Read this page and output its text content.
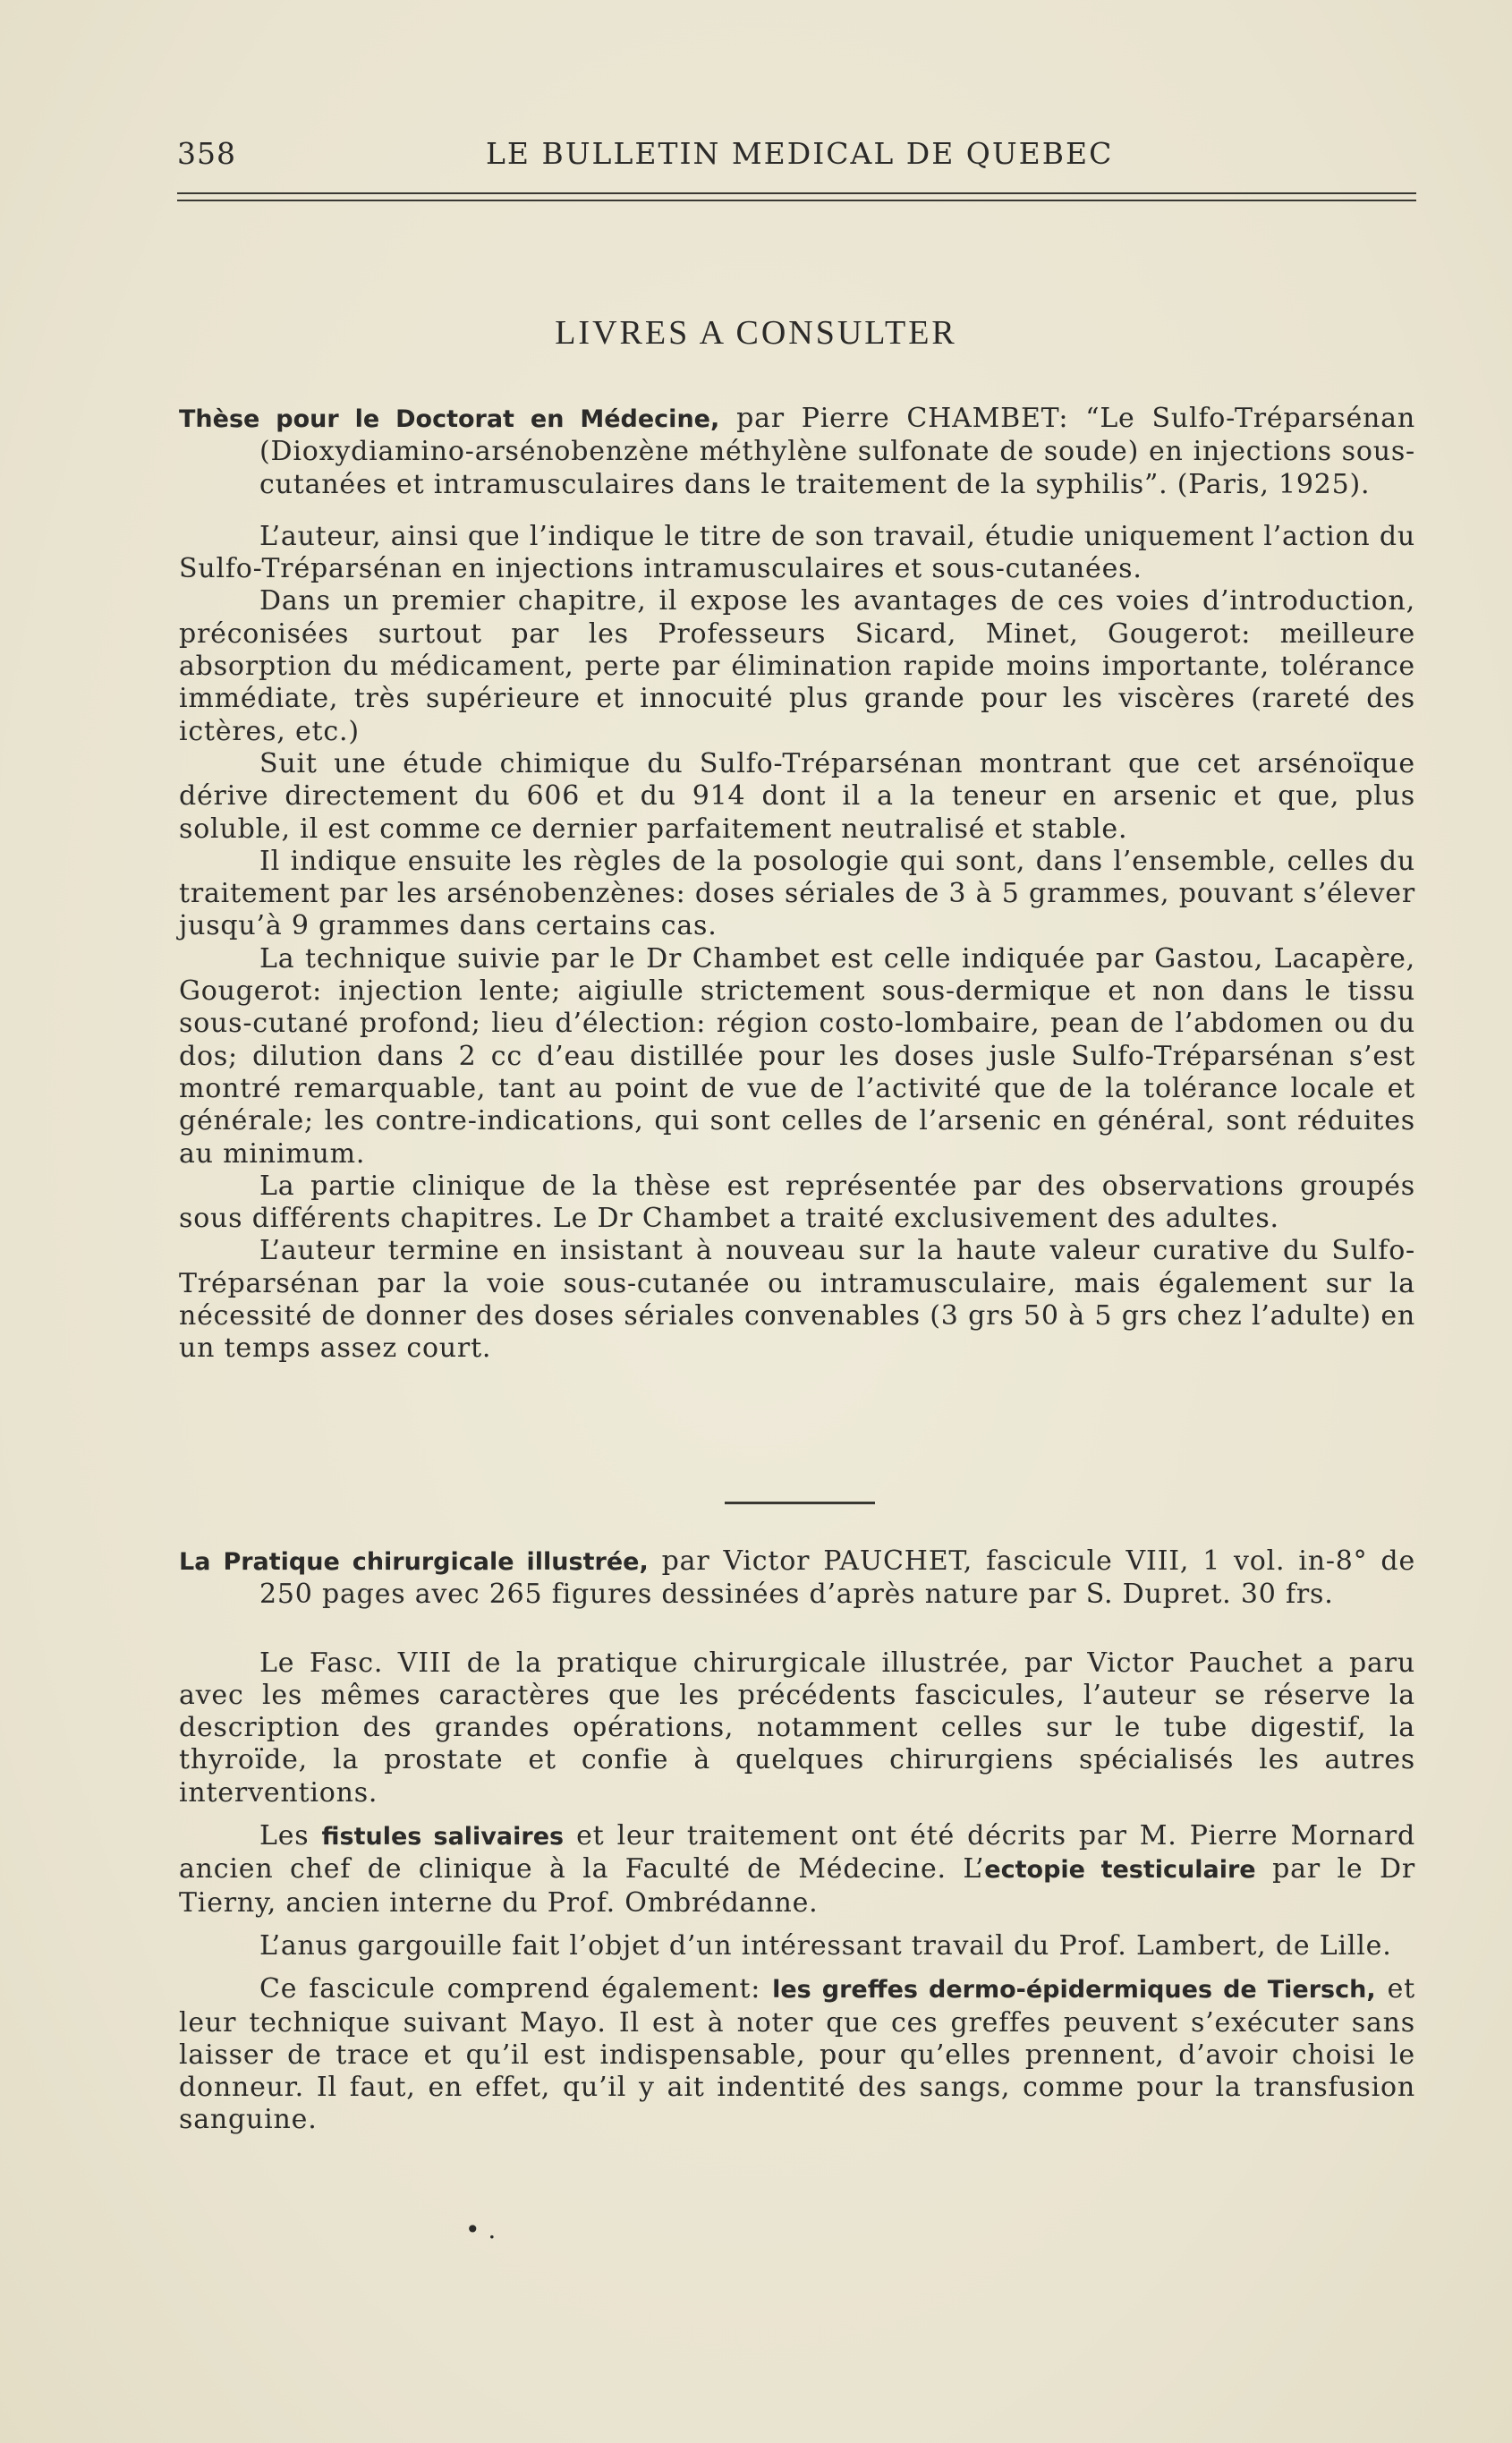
358	LE BULLETIN MEDICAL DE QUEBEC
LIVRES A CONSULTER
Thèse pour le Doctorat en Médecine, par Pierre CHAMBET: “Le Sulfo-Tréparsénan (Dioxydiamino-arsénobenzène méthylène sulfonate de soude) en injections sous-cutanées et intramusculaires dans le traitement de la syphilis”. (Paris, 1925).

L’auteur, ainsi que l’indique le titre de son travail, étudie uniquement l’action du Sulfo-Tréparsénan en injections intramusculaires et sous-cutanées.

Dans un premier chapitre, il expose les avantages de ces voies d’introduction, préconisées surtout par les Professeurs Sicard, Minet, Gougerot: meilleure absorption du médicament, perte par élimination rapide moins importante, tolérance immédiate, très supérieure et innocuité plus grande pour les viscères (rareté des ictères, etc.)

Suit une étude chimique du Sulfo-Tréparsénan montrant que cet arsénoïque dérive directement du 606 et du 914 dont il a la teneur en arsenic et que, plus soluble, il est comme ce dernier parfaitement neutralisé et stable.

Il indique ensuite les règles de la posologie qui sont, dans l’ensemble, celles du traitement par les arsénobenzènes: doses sériales de 3 à 5 grammes, pouvant s’élever jusqu’à 9 grammes dans certains cas.

La technique suivie par le Dr Chambet est celle indiquée par Gastou, Lacapère, Gougerot: injection lente; aigiulle strictement sous-dermique et non dans le tissu sous-cutané profond; lieu d’élection: région costo-lombaire, pean de l’abdomen ou du dos; dilution dans 2 cc d’eau distillée pour les doses jusle Sulfo-Tréparsénan s’est montré remarquable, tant au point de vue de l’activité que de la tolérance locale et générale; les contre-indications, qui sont celles de l’arsenic en général, sont réduites au minimum.

La partie clinique de la thèse est représentée par des observations groupés sous différents chapitres. Le Dr Chambet a traité exclusivement des adultes.

L’auteur termine en insistant à nouveau sur la haute valeur curative du Sulfo-Tréparsénan par la voie sous-cutanée ou intramusculaire, mais également sur la nécessité de donner des doses sériales convenables (3 grs 50 à 5 grs chez l’adulte) en un temps assez court.

La Pratique chirurgicale illustrée, par Victor PAUCHET, fascicule VIII, 1 vol. in-8° de 250 pages avec 265 figures dessinées d’après nature par S. Dupret. 30 frs.

Le Fasc. VIII de la pratique chirurgicale illustrée, par Victor Pauchet a paru avec les mêmes caractères que les précédents fascicules, l’auteur se réserve la description des grandes opérations, notamment celles sur le tube digestif, la thyroïde, la prostate et confie à quelques chirurgiens spécialisés les autres interventions.

Les fistules salivaires et leur traitement ont été décrits par M. Pierre Mornard ancien chef de clinique à la Faculté de Médecine. L’ectopie testiculaire par le Dr Tierny, ancien interne du Prof. Ombrédanne.

L’anus gargouille fait l’objet d’un intéressant travail du Prof. Lambert, de Lille.

Ce fascicule comprend également: les greffes dermo-épidermiques de Tiersch, et leur technique suivant Mayo. Il est à noter que ces greffes peuvent s’exécuter sans laisser de trace et qu’il est indispensable, pour qu’elles prennent, d’avoir choisi le donneur. Il faut, en effet, qu’il y ait indentité des sangs, comme pour la transfusion sanguine.

• .
